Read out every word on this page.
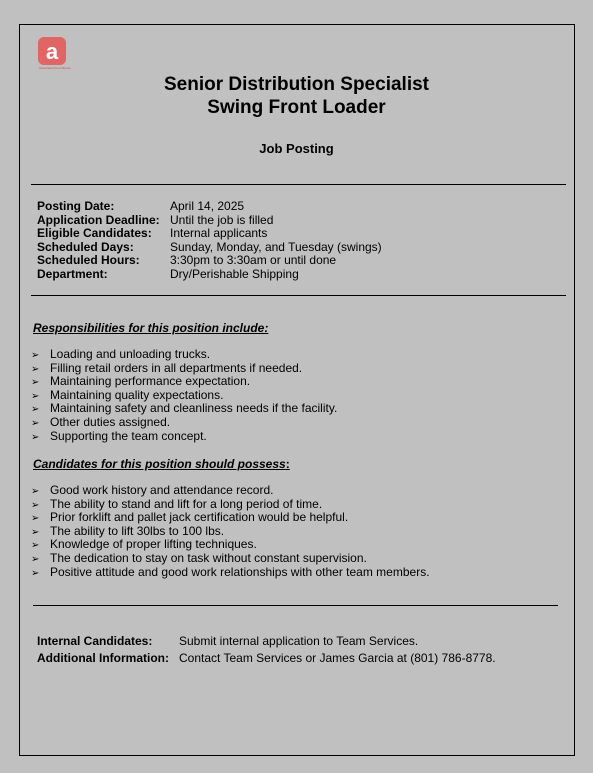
a
Associated Food Stores
Senior Distribution Specialist
Swing Front Loader
Job Posting
Posting Date:	April 14, 2025
Application Deadline: Until the job is filled
Eligible Candidates: Internal applicants
Scheduled Days:	Sunday, Monday, and Tuesday (swings)
Scheduled Hours:	3:30pm to 3:30am or until done
Department:	Dry/Perishable Shipping
Responsibilities for this position include:
➢ Loading and unloading trucks.
➢ Filling retail orders in all departments if needed.
➢ Maintaining performance expectation.
➢ Maintaining quality expectations.
➢ Maintaining safety and cleanliness needs if the facility.
➢ Other duties assigned.
➢ Supporting the team concept.
Candidates for this position should possess:
➢ Good work history and attendance record.
➢ The ability to stand and lift for a long period of time.
➢ Prior forklift and pallet jack certification would be helpful.
➢ The ability to lift 30lbs to 100 lbs.
➢ Knowledge of proper lifting techniques.
➢ The dedication to stay on task without constant supervision.
➢ Positive attitude and good work relationships with other team members.
Internal Candidates: Submit internal application to Team Services.
Additional Information: Contact Team Services or James Garcia at (801) 786-8778.
